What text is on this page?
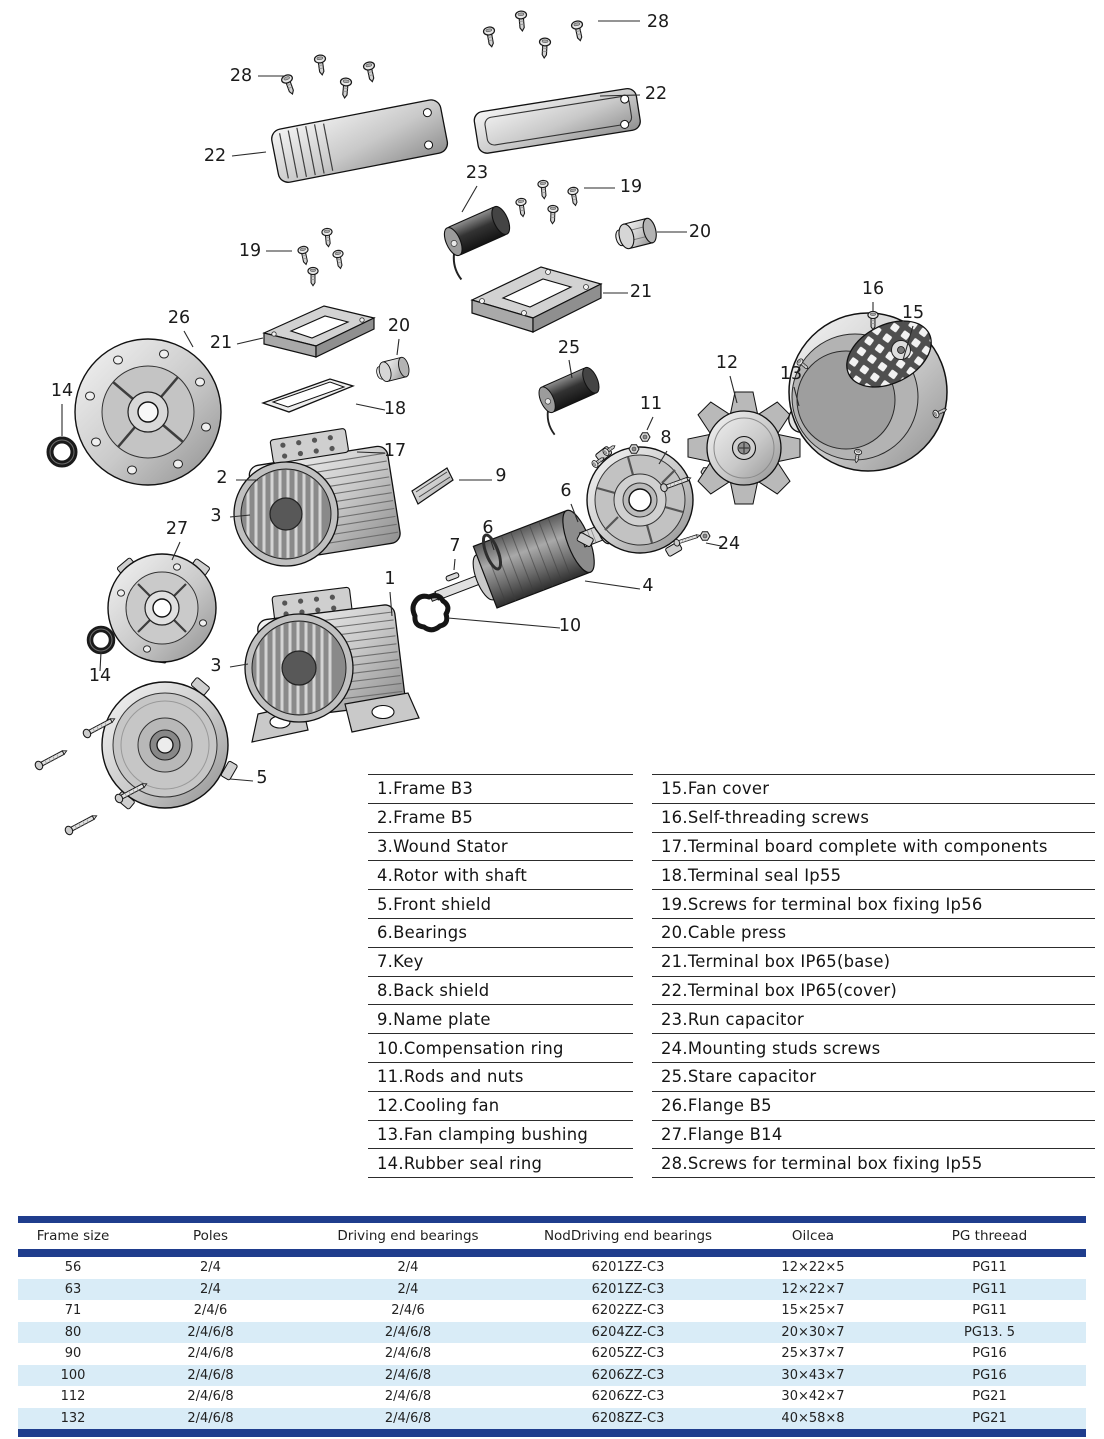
28
28
22
22
23
19
20
21
25
19
21
20
18
17
26
14
2
3
27
9
6
6
7
8
11
4
10
24
12
13
16
15
1
14	3
5
1.Frame B3
2.Frame B5
3.Wound Stator
4.Rotor with shaft
5.Front shield
6.Bearings
7.Key
8.Back shield
9.Name plate
10.Compensation ring
11.Rods and nuts
12.Cooling fan
13.Fan clamping bushing
14.Rubber seal ring
15.Fan cover
16.Self-threading screws
17.Terminal board complete with components
18.Terminal seal Ip55
19.Screws for terminal box fixing Ip56
20.Cable press
21.Terminal box IP65(base)
22.Terminal box IP65(cover)
23.Run capacitor
24.Mounting studs screws
25.Stare capacitor
26.Flange B5
27.Flange B14
28.Screws for terminal box fixing Ip55
Frame size	Poles	Driving end bearings	NodDriving end bearings	Oilcea	PG threead
56	2/4	2/4	6201ZZ-C3	12×22×5	PG11
63	2/4	2/4	6201ZZ-C3	12×22×7	PG11
71	2/4/6	2/4/6	6202ZZ-C3	15×25×7	PG11
80	2/4/6/8	2/4/6/8	6204ZZ-C3	20×30×7	PG13. 5
90	2/4/6/8	2/4/6/8	6205ZZ-C3	25×37×7	PG16
100	2/4/6/8	2/4/6/8	6206ZZ-C3	30×43×7	PG16
112	2/4/6/8	2/4/6/8	6206ZZ-C3	30×42×7	PG21
132	2/4/6/8	2/4/6/8	6208ZZ-C3	40×58×8	PG21
